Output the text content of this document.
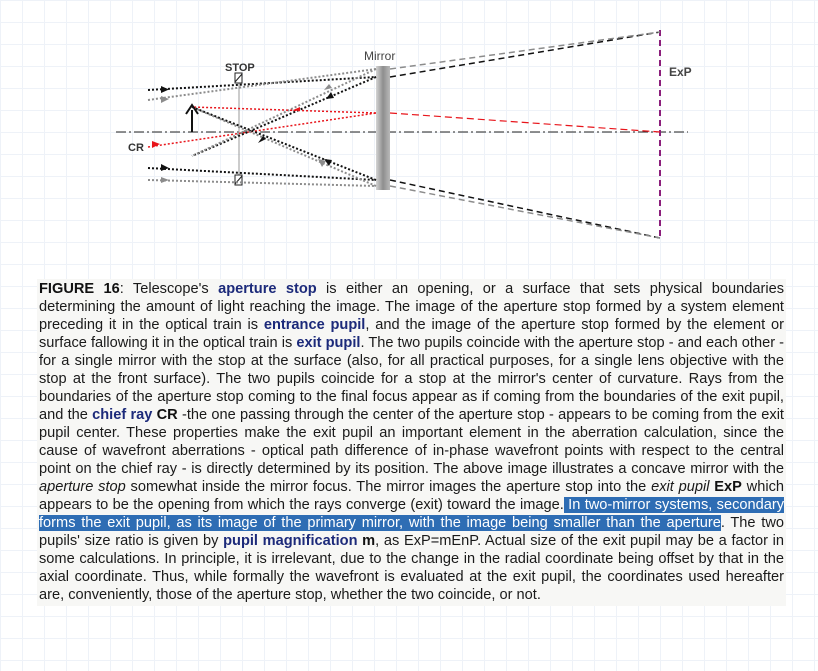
STOP
Mirror
ExP
CR
FIGURE 16: Telescope's aperture stop is either an opening, or a surface that sets physical boundaries determining the amount of light reaching the image. The image of the aperture stop formed by a system element preceding it in the optical train is entrance pupil, and the image of the aperture stop formed by the element or surface fallowing it in the optical train is exit pupil. The two pupils coincide with the aperture stop - and each other - for a single mirror with the stop at the surface (also, for all practical purposes, for a single lens objective with the stop at the front surface). The two pupils coincide for a stop at the mirror's center of curvature. Rays from the boundaries of the aperture stop coming to the final focus appear as if coming from the boundaries of the exit pupil, and the chief ray CR -the one passing through the center of the aperture stop - appears to be coming from the exit pupil center. These properties make the exit pupil an important element in the aberration calculation, since the cause of wavefront aberrations - optical path difference of in-phase wavefront points with respect to the central point on the chief ray - is directly determined by its position. The above image illustrates a concave mirror with the aperture stop somewhat inside the mirror focus. The mirror images the aperture stop into the exit pupil ExP which appears to be the opening from which the rays converge (exit) toward the image. In two-mirror systems, secondary forms the exit pupil, as its image of the primary mirror, with the image being smaller than the aperture. The two pupils' size ratio is given by pupil magnification m, as ExP=mEnP. Actual size of the exit pupil may be a factor in some calculations. In principle, it is irrelevant, due to the change in the radial coordinate being offset by that in the axial coordinate. Thus, while formally the wavefront is evaluated at the exit pupil, the coordinates used hereafter are, conveniently, those of the aperture stop, whether the two coincide, or not.
